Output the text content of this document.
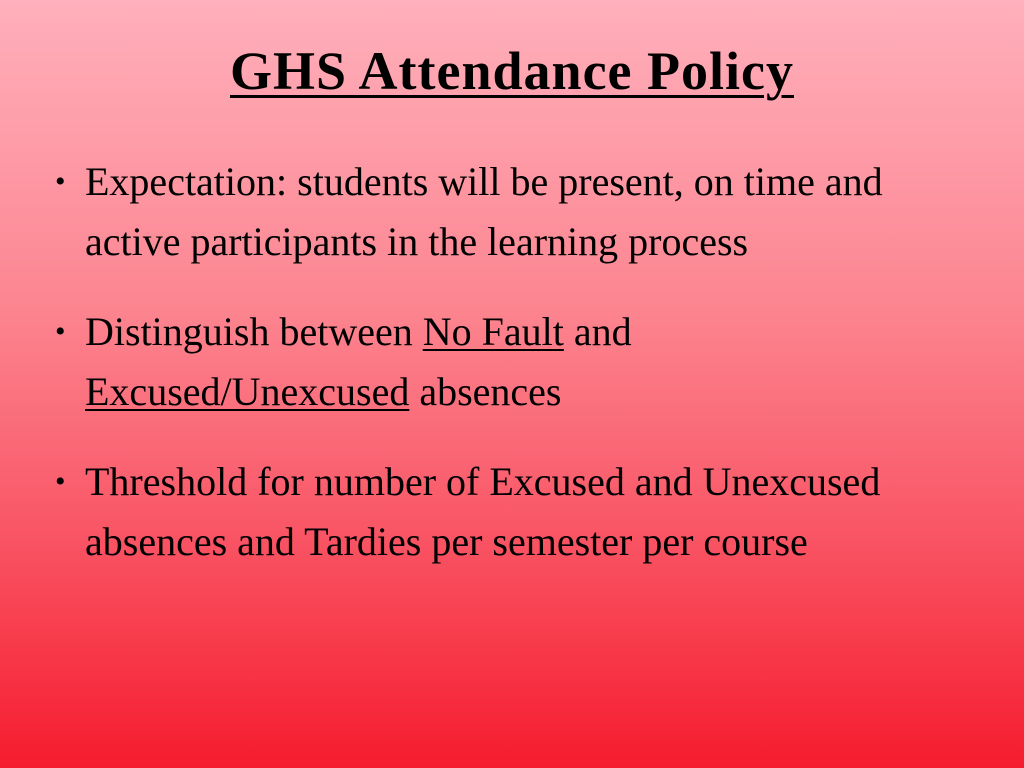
GHS Attendance Policy
• Expectation: students will be present, on time and active participants in the learning process
• Distinguish between No Fault and
Excused/Unexcused absences
• Threshold for number of Excused and Unexcused absences and Tardies per semester per course
